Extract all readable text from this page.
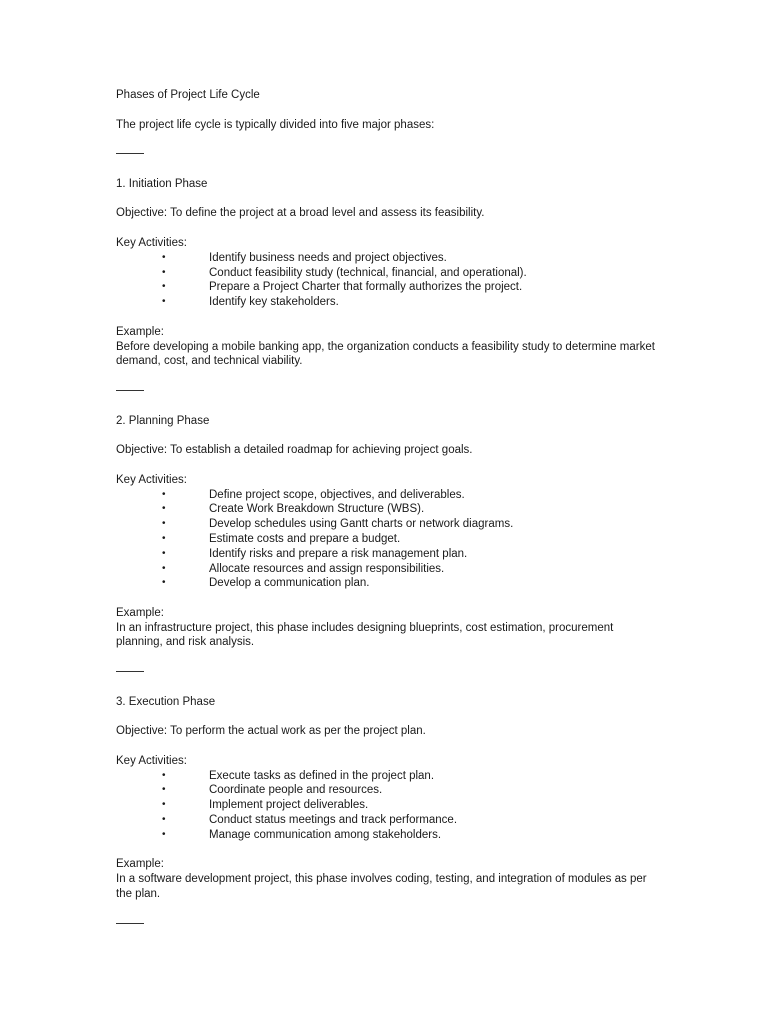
Phases of Project Life Cycle
The project life cycle is typically divided into five major phases:
1. Initiation Phase
Objective: To define the project at a broad level and assess its feasibility.
Key Activities:
•	Identify business needs and project objectives.
•	Conduct feasibility study (technical, financial, and operational).
•	Prepare a Project Charter that formally authorizes the project.
•	Identify key stakeholders.
Example:
Before developing a mobile banking app, the organization conducts a feasibility study to determine market demand, cost, and technical viability.
2. Planning Phase
Objective: To establish a detailed roadmap for achieving project goals.
Key Activities:
•	Define project scope, objectives, and deliverables.
•	Create Work Breakdown Structure (WBS).
•	Develop schedules using Gantt charts or network diagrams.
•	Estimate costs and prepare a budget.
•	Identify risks and prepare a risk management plan.
•	Allocate resources and assign responsibilities.
•	Develop a communication plan.
Example:
In an infrastructure project, this phase includes designing blueprints, cost estimation, procurement planning, and risk analysis.
3. Execution Phase
Objective: To perform the actual work as per the project plan.
Key Activities:
•	Execute tasks as defined in the project plan.
•	Coordinate people and resources.
•	Implement project deliverables.
•	Conduct status meetings and track performance.
•	Manage communication among stakeholders.
Example:
In a software development project, this phase involves coding, testing, and integration of modules as per the plan.
